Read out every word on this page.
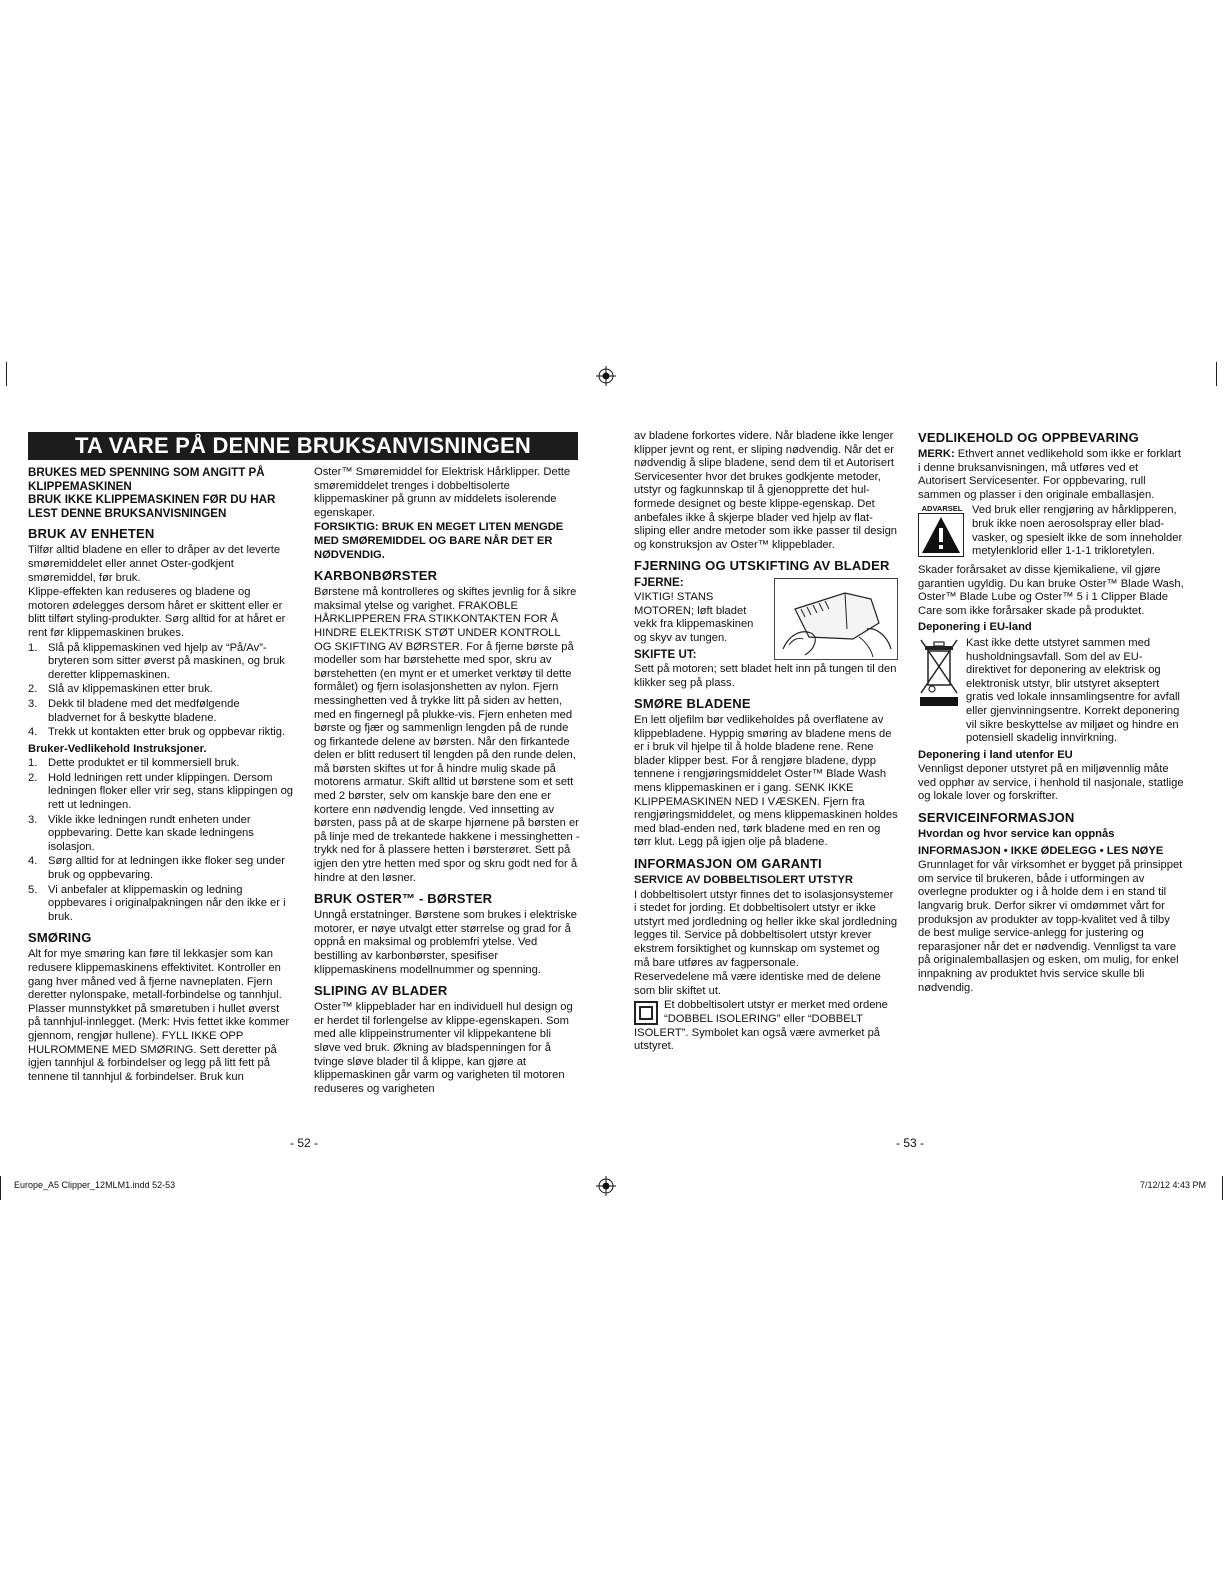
TA VARE PÅ DENNE BRUKSANVISNINGEN
BRUKES MED SPENNING SOM ANGITT PÅ KLIPPEMASKINEN
BRUK IKKE KLIPPEMASKINEN FØR DU HAR LEST DENNE BRUKSANVISNINGEN
BRUK AV ENHETEN

Tilfør alltid bladene en eller to dråper av det leverte smøremiddelet eller annet Oster-godkjent smøremiddel, før bruk.

Klippe-effekten kan reduseres og bladene og motoren ødelegges dersom håret er skittent eller er blitt tilført styling-produkter. Sørg alltid for at håret er rent før klippemaskinen brukes.

1. Slå på klippemaskinen ved hjelp av “På/Av”-bryteren som sitter øverst på maskinen, og bruk deretter klippemaskinen.
2. Slå av klippemaskinen etter bruk.
3. Dekk til bladene med det medfølgende bladvernet for å beskytte bladene.
4. Trekk ut kontakten etter bruk og oppbevar riktig.
Bruker-Vedlikehold Instruksjoner.
1. Dette produktet er til kommersiell bruk.
2. Hold ledningen rett under klippingen. Dersom ledningen floker eller vrir seg, stans klippingen og rett ut ledningen.
3. Vikle ikke ledningen rundt enheten under oppbevaring. Dette kan skade ledningens isolasjon.
4. Sørg alltid for at ledningen ikke floker seg under bruk og oppbevaring.
5. Vi anbefaler at klippemaskin og ledning oppbevares i originalpakningen når den ikke er i bruk.
SMØRING

Alt for mye smøring kan føre til lekkasjer som kan redusere klippemaskinens effektivitet. Kontroller en gang hver måned ved å fjerne navneplaten. Fjern deretter nylonspake, metall-forbindelse og tannhjul. Plasser munnstykket på smøretuben i hullet øverst på tannhjul-innlegget. (Merk: Hvis fettet ikke kommer gjennom, rengjør hullene). FYLL IKKE OPP HULROMMENE MED SMØRING. Sett deretter på igjen tannhjul & forbindelser og legg på litt fett på tennene til tannhjul & forbindelser. Bruk kun

Oster™ Smøremiddel for Elektrisk Hårklipper. Dette smøremiddelet trenges i dobbeltisolerte klippemaskiner på grunn av middelets isolerende egenskaper.

FORSIKTIG: BRUK EN MEGET LITEN MENGDE MED SMØREMIDDEL OG BARE NÅR DET ER NØDVENDIG.

KARBONBØRSTER

Børstene må kontrolleres og skiftes jevnlig for å sikre maksimal ytelse og varighet. FRAKOBLE HÅRKLIPPEREN FRA STIKKONTAKTEN FOR Å HINDRE ELEKTRISK STØT UNDER KONTROLL OG SKIFTING AV BØRSTER. For å fjerne børste på modeller som har børstehette med spor, skru av børstehetten (en mynt er et umerket verktøy til dette formålet) og fjern isolasjonshetten av nylon. Fjern messinghetten ved å trykke litt på siden av hetten, med en fingernegl på plukke-vis. Fjern enheten med børste og fjær og sammenlign lengden på de runde og firkantede delene av børsten. Når den firkantede delen er blitt redusert til lengden på den runde delen, må børsten skiftes ut for å hindre mulig skade på motorens armatur. Skift alltid ut børstene som et sett med 2 børster, selv om kanskje bare den ene er kortere enn nødvendig lengde. Ved innsetting av børsten, pass på at de skarpe hjørnene på børsten er på linje med de trekantede hakkene i messinghetten - trykk ned for å plassere hetten i børsterøret. Sett på igjen den ytre hetten med spor og skru godt ned for å hindre at den løsner.

BRUK OSTER™ - BØRSTER

Unngå erstatninger. Børstene som brukes i elektriske motorer, er nøye utvalgt etter størrelse og grad for å oppnå en maksimal og problemfri ytelse. Ved bestilling av karbonbørster, spesifiser klippemaskinens modellnummer og spenning.

SLIPING AV BLADER

Oster™ klippeblader har en individuell hul design og er herdet til forlengelse av klippe-egenskapen. Som med alle klippeinstrumenter vil klippekantene bli sløve ved bruk. Økning av bladspenningen for å tvinge sløve blader til å klippe, kan gjøre at klippemaskinen går varm og varigheten til motoren reduseres og varigheten

- 52 -

av bladene forkortes videre. Når bladene ikke lenger klipper jevnt og rent, er sliping nødvendig. Når det er nødvendig å slipe bladene, send dem til et Autorisert Servicesenter hvor det brukes godkjente metoder, utstyr og fagkunnskap til å gjenopprette det hul-formede designet og beste klippe-egenskap. Det anbefales ikke å skjerpe blader ved hjelp av flat-sliping eller andre metoder som ikke passer til design og konstruksjon av Oster™ klippeblader.

FJERNING OG UTSKIFTING AV BLADER
FJERNE:

VIKTIG! STANS MOTOREN; løft bladet vekk fra klippemaskinen og skyv av tungen.

SKIFTE UT:

Sett på motoren; sett bladet helt inn på tungen til den klikker seg på plass.

SMØRE BLADENE

En lett oljefilm bør vedlikeholdes på overflatene av klippebladene. Hyppig smøring av bladene mens de er i bruk vil hjelpe til å holde bladene rene. Rene blader klipper best. For å rengjøre bladene, dypp tennene i rengjøringsmiddelet Oster™ Blade Wash mens klippemaskinen er i gang. SENK IKKE KLIPPEMASKINEN NED I VÆSKEN. Fjern fra rengjøringsmiddelet, og mens klippemaskinen holdes med blad-enden ned, tørk bladene med en ren og tørr klut. Legg på igjen olje på bladene.

INFORMASJON OM GARANTI
SERVICE AV DOBBELTISOLERT UTSTYR

I dobbeltisolert utstyr finnes det to isolasjonsystemer i stedet for jording. Et dobbeltisolert utstyr er ikke utstyrt med jordledning og heller ikke skal jordledning legges til. Service på dobbeltisolert utstyr krever ekstrem forsiktighet og kunnskap om systemet og må bare utføres av fagpersonale.

Reservedelene må være identiske med de delene som blir skiftet ut.

Et dobbeltisolert utstyr er merket med ordene “DOBBEL ISOLERING” eller “DOBBELT ISOLERT”. Symbolet kan også være avmerket på utstyret.

VEDLIKEHOLD OG OPPBEVARING

MERK: Ethvert annet vedlikehold som ikke er forklart i denne bruksanvisningen, må utføres ved et Autorisert Servicesenter. For oppbevaring, rull sammen og plasser i den originale emballasjen.

ADVARSEL Ved bruk eller rengjøring av hårklipperen, bruk ikke noen aerosolspray eller blad-vasker, og spesielt ikke de som inneholder metylenklorid eller 1-1-1 trikloretylen.

Skader forårsaket av disse kjemikaliene, vil gjøre garantien ugyldig. Du kan bruke Oster™ Blade Wash, Oster™ Blade Lube og Oster™ 5 i 1 Clipper Blade Care som ikke forårsaker skade på produktet.

Deponering i EU-land

Kast ikke dette utstyret sammen med husholdningsavfall. Som del av EU-direktivet for deponering av elektrisk og elektronisk utstyr, blir utstyret akseptert gratis ved lokale innsamlingsentre for avfall eller gjenvinningsentre. Korrekt deponering vil sikre beskyttelse av miljøet og hindre en potensiell skadelig innvirkning.

Deponering i land utenfor EU

Vennligst deponer utstyret på en miljøvennlig måte ved opphør av service, i henhold til nasjonale, statlige og lokale lover og forskrifter.

SERVICEINFORMASJON
Hvordan og hvor service kan oppnås
INFORMASJON • IKKE ØDELEGG • LES NØYE

Grunnlaget for vår virksomhet er bygget på prinsippet om service til brukeren, både i utformingen av overlegne produkter og i å holde dem i en stand til langvarig bruk. Derfor sikrer vi omdømmet vårt for produksjon av produkter av topp-kvalitet ved å tilby de best mulige service-anlegg for justering og reparasjoner når det er nødvendig. Vennligst ta vare på originalemballasjen og esken, om mulig, for enkel innpakning av produktet hvis service skulle bli nødvendig.

- 53 -
Europe_A5 Clipper_12MLM1.indd 52-53	7/12/12 4:43 PM
